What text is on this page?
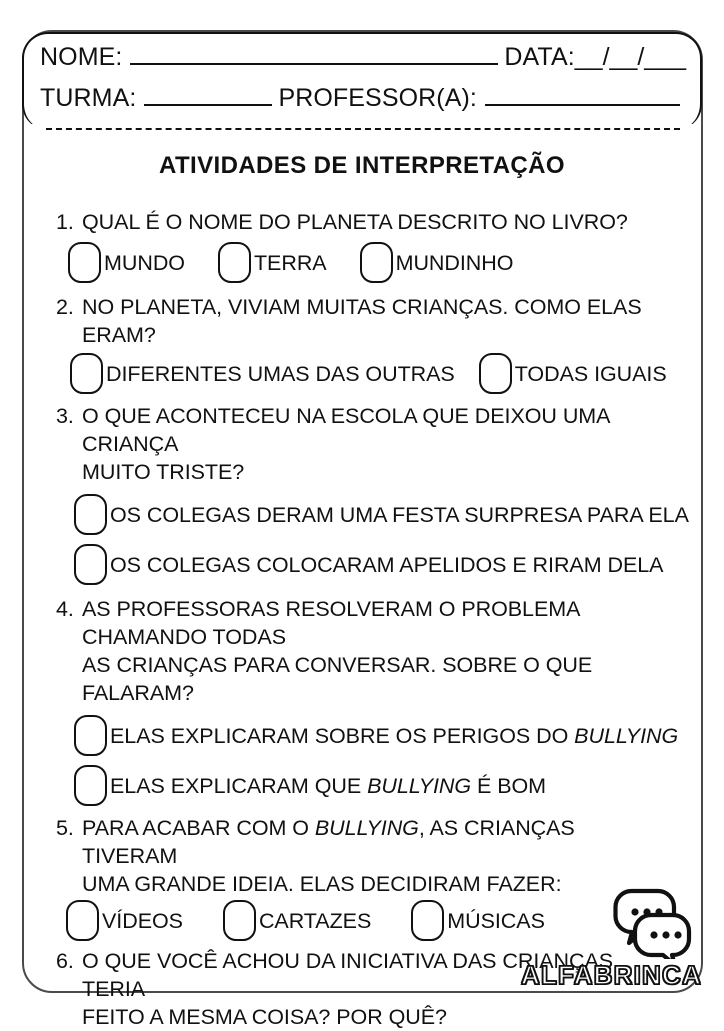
NOME:	DATA: __/__/___
TURMA:	PROFESSOR(A):
ATIVIDADES DE INTERPRETAÇÃO
1. QUAL É O NOME DO PLANETA DESCRITO NO LIVRO?
MUNDO	TERRA	MUNDINHO
2. NO PLANETA, VIVIAM MUITAS CRIANÇAS. COMO ELAS ERAM?
DIFERENTES UMAS DAS OUTRAS	TODAS IGUAIS
3. O QUE ACONTECEU NA ESCOLA QUE DEIXOU UMA CRIANÇA
MUITO TRISTE?
OS COLEGAS DERAM UMA FESTA SURPRESA PARA ELA
OS COLEGAS COLOCARAM APELIDOS E RIRAM DELA
4. AS PROFESSORAS RESOLVERAM O PROBLEMA CHAMANDO TODAS
AS CRIANÇAS PARA CONVERSAR. SOBRE O QUE FALARAM?
ELAS EXPLICARAM SOBRE OS PERIGOS DO BULLYING
ELAS EXPLICARAM QUE BULLYING É BOM
5. PARA ACABAR COM O BULLYING, AS CRIANÇAS TIVERAM
UMA GRANDE IDEIA. ELAS DECIDIRAM FAZER:
VÍDEOS	CARTAZES	MÚSICAS
6. O QUE VOCÊ ACHOU DA INICIATIVA DAS CRIANÇAS. TERIA
FEITO A MESMA COISA? POR QUÊ?
ALFABRINCA
